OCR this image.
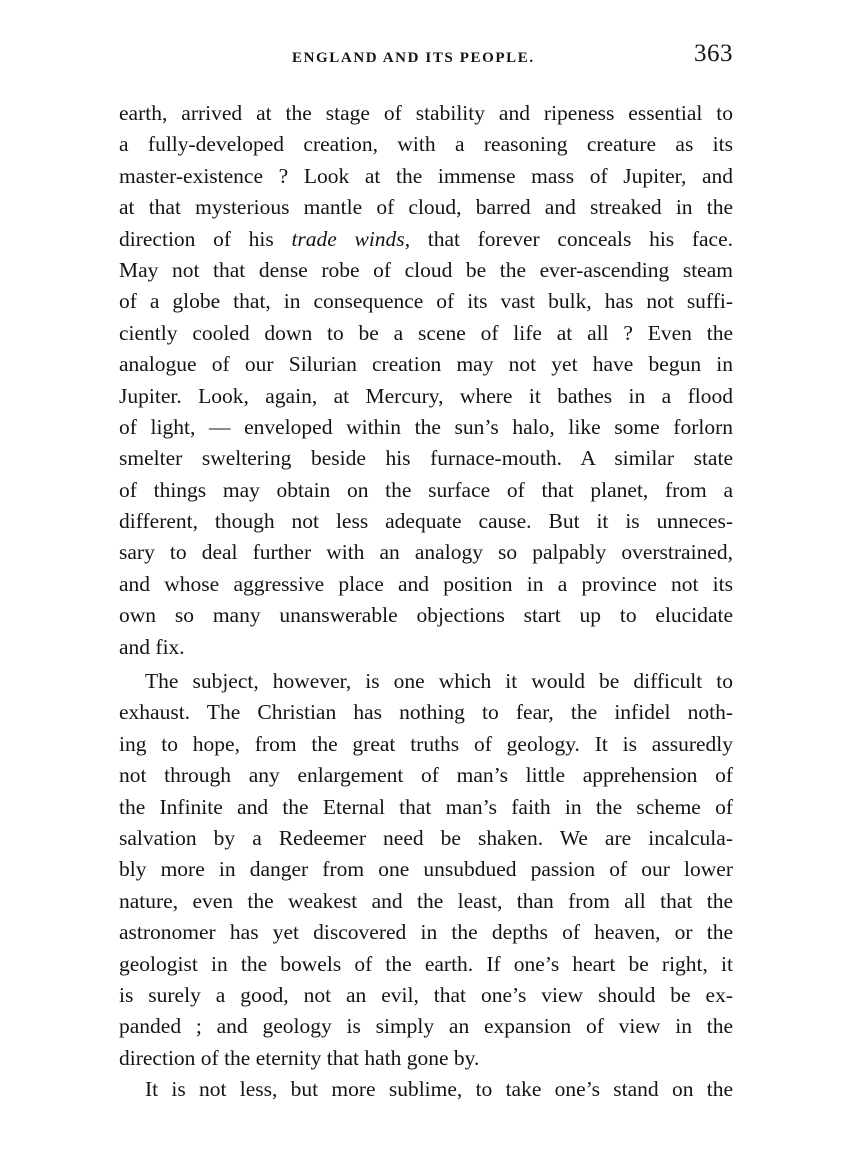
ENGLAND AND ITS PEOPLE.	363
earth, arrived at the stage of stability and ripeness essential to
a fully-developed creation, with a reasoning creature as its
master-existence ? Look at the immense mass of Jupiter, and
at that mysterious mantle of cloud, barred and streaked in the
direction of his trade winds, that forever conceals his face.
May not that dense robe of cloud be the ever-ascending steam
of a globe that, in consequence of its vast bulk, has not suffi-
ciently cooled down to be a scene of life at all ? Even the
analogue of our Silurian creation may not yet have begun in
Jupiter. Look, again, at Mercury, where it bathes in a flood
of light, — enveloped within the sun’s halo, like some forlorn
smelter sweltering beside his furnace-mouth. A similar state
of things may obtain on the surface of that planet, from a
different, though not less adequate cause. But it is unneces-
sary to deal further with an analogy so palpably overstrained,
and whose aggressive place and position in a province not its
own so many unanswerable objections start up to elucidate
and fix.
The subject, however, is one which it would be difficult to
exhaust. The Christian has nothing to fear, the infidel noth-
ing to hope, from the great truths of geology. It is assuredly
not through any enlargement of man’s little apprehension of
the Infinite and the Eternal that man’s faith in the scheme of
salvation by a Redeemer need be shaken. We are incalcula-
bly more in danger from one unsubdued passion of our lower
nature, even the weakest and the least, than from all that the
astronomer has yet discovered in the depths of heaven, or the
geologist in the bowels of the earth. If one’s heart be right, it
is surely a good, not an evil, that one’s view should be ex-
panded ; and geology is simply an expansion of view in the
direction of the eternity that hath gone by.
It is not less, but more sublime, to take one’s stand on the
